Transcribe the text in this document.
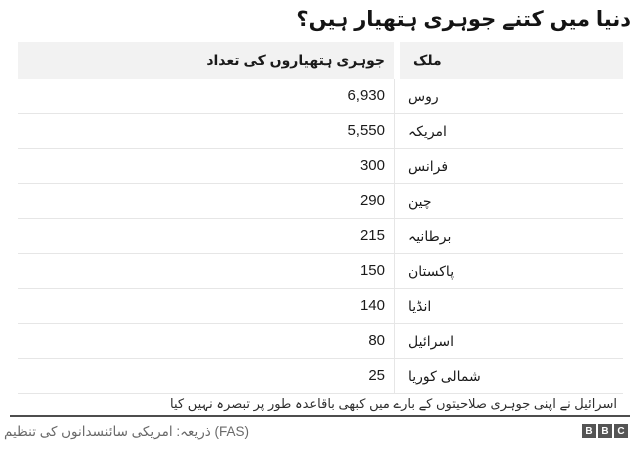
دنیا میں کتنے جوہری ہتھیار ہیں؟
جوہری ہتھیاروں کی تعداد	ملک
6,930	روس
5,550	امریکہ
300	فرانس
290	چین
215	برطانیہ
150	پاکستان
140	انڈیا
80	اسرائیل
25	شمالی کوریا
اسرائیل نے اپنی جوہری صلاحیتوں کے بارے میں کبھی باقاعدہ طور پر تبصرہ نہیں کیا
ذریعہ: امریکی سائنسدانوں کی تنظیم (FAS)	B B C
